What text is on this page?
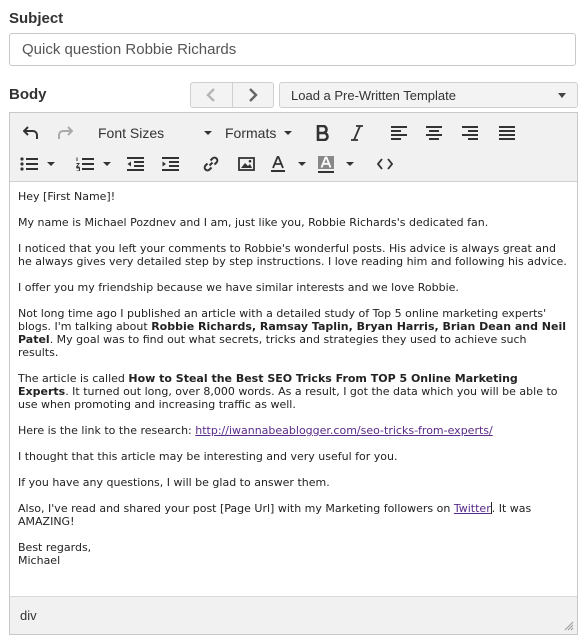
Subject
Quick question Robbie Richards
Body	Load a Pre-Written Template
Font Sizes	Formats

Hey [First Name]!

My name is Michael Pozdnev and I am, just like you, Robbie Richards's dedicated fan.

I noticed that you left your comments to Robbie's wonderful posts. His advice is always great and he always gives very detailed step by step instructions. I love reading him and following his advice.

I offer you my friendship because we have similar interests and we love Robbie.

Not long time ago I published an article with a detailed study of Top 5 online marketing experts' blogs. I'm talking about Robbie Richards, Ramsay Taplin, Bryan Harris, Brian Dean and Neil Patel. My goal was to find out what secrets, tricks and strategies they used to achieve such results.

The article is called How to Steal the Best SEO Tricks From TOP 5 Online Marketing Experts. It turned out long, over 8,000 words. As a result, I got the data which you will be able to use when promoting and increasing traffic as well.

Here is the link to the research: http://iwannabeablogger.com/seo-tricks-from-experts/

I thought that this article may be interesting and very useful for you.

If you have any questions, I will be glad to answer them.

Also, I've read and shared your post [Page Url] with my Marketing followers on Twitter. It was AMAZING!

Best regards,
Michael

div
